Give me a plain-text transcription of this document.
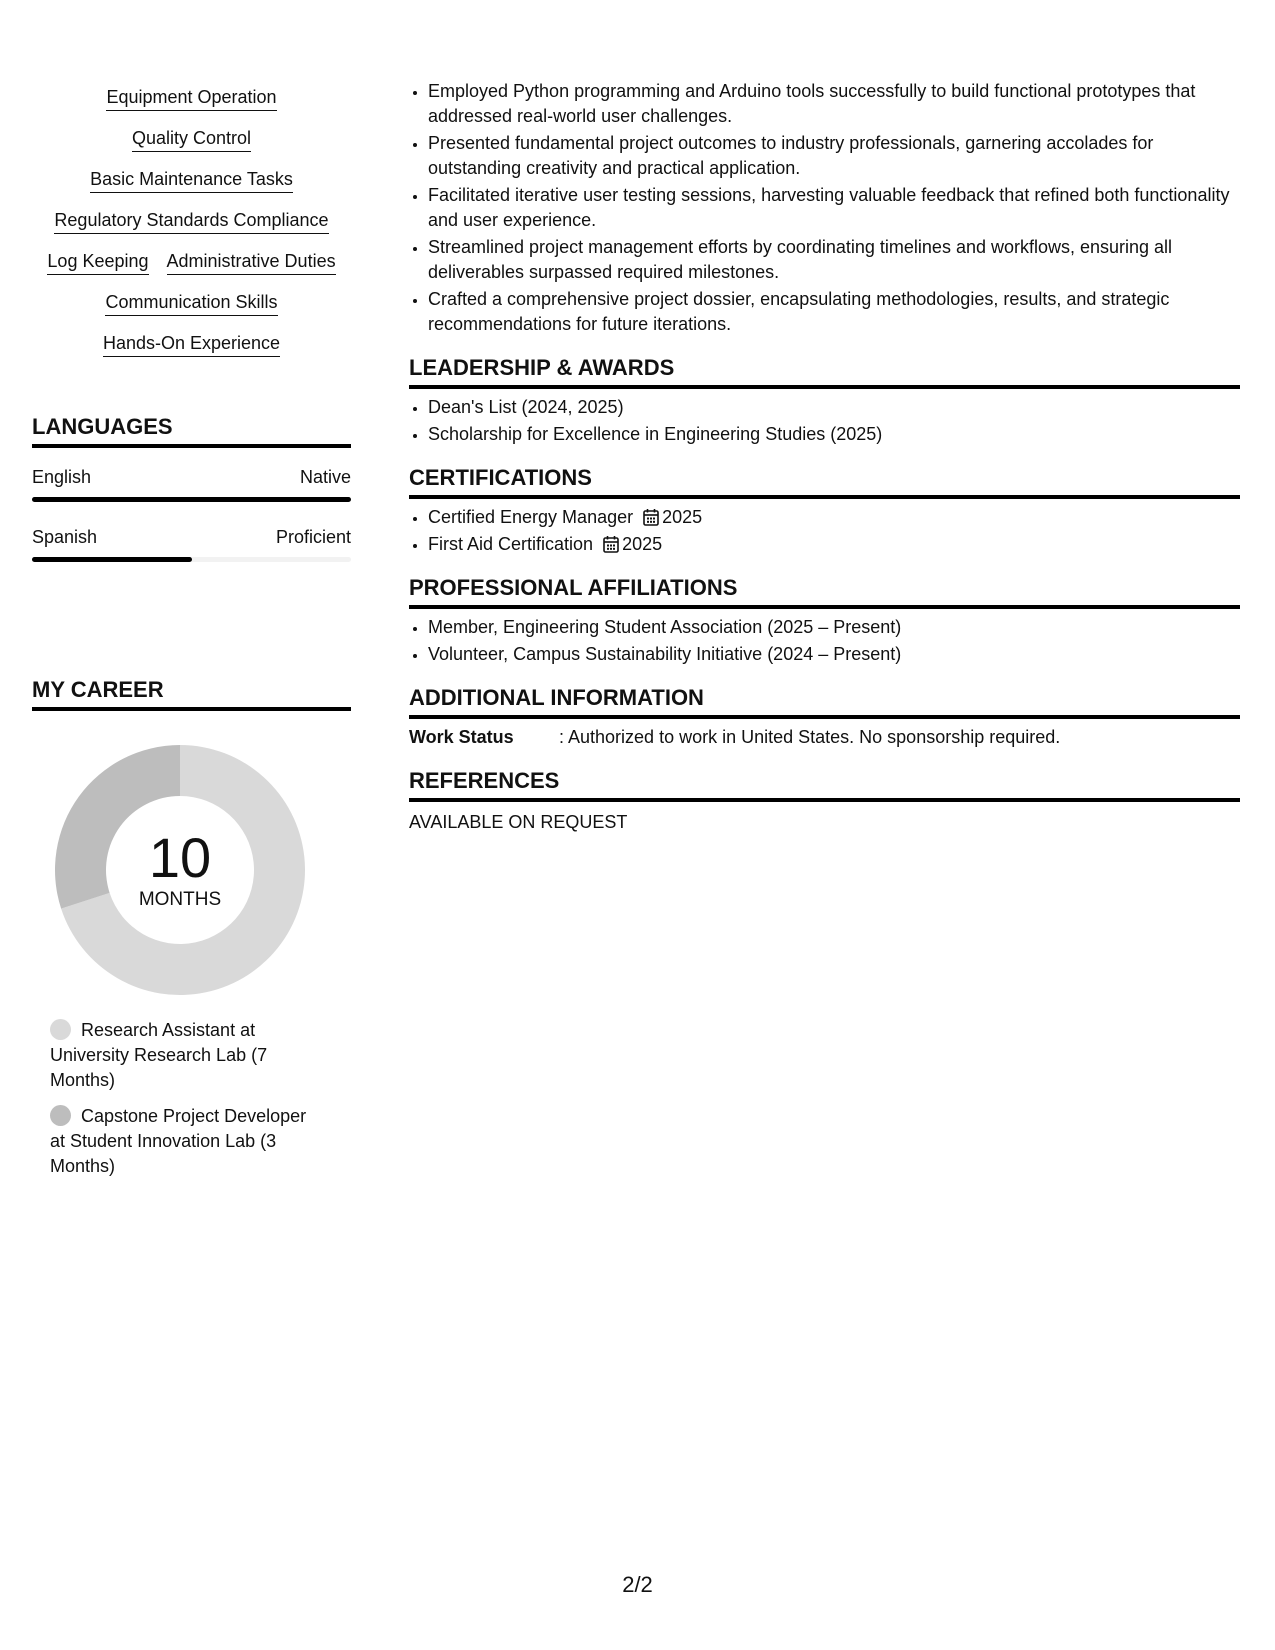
Equipment Operation
Quality Control
Basic Maintenance Tasks
Regulatory Standards Compliance
Log Keeping Administrative Duties
Communication Skills
Hands-On Experience
LANGUAGES
English	Native
Spanish	Proficient
MY CAREER
10
MONTHS
Research Assistant at University Research Lab (7 Months)
Capstone Project Developer at Student Innovation Lab (3 Months)
• Employed Python programming and Arduino tools successfully to build functional prototypes that addressed real-world user challenges.
• Presented fundamental project outcomes to industry professionals, garnering accolades for outstanding creativity and practical application.
• Facilitated iterative user testing sessions, harvesting valuable feedback that refined both functionality and user experience.
• Streamlined project management efforts by coordinating timelines and workflows, ensuring all deliverables surpassed required milestones.
• Crafted a comprehensive project dossier, encapsulating methodologies, results, and strategic recommendations for future iterations.
LEADERSHIP & AWARDS
• Dean's List (2024, 2025)
• Scholarship for Excellence in Engineering Studies (2025)
CERTIFICATIONS
• Certified Energy Manager 2025
• First Aid Certification 2025
PROFESSIONAL AFFILIATIONS
• Member, Engineering Student Association (2025 – Present)
• Volunteer, Campus Sustainability Initiative (2024 – Present)
ADDITIONAL INFORMATION
Work Status	: Authorized to work in United States. No sponsorship required.
REFERENCES
AVAILABLE ON REQUEST
2/2
